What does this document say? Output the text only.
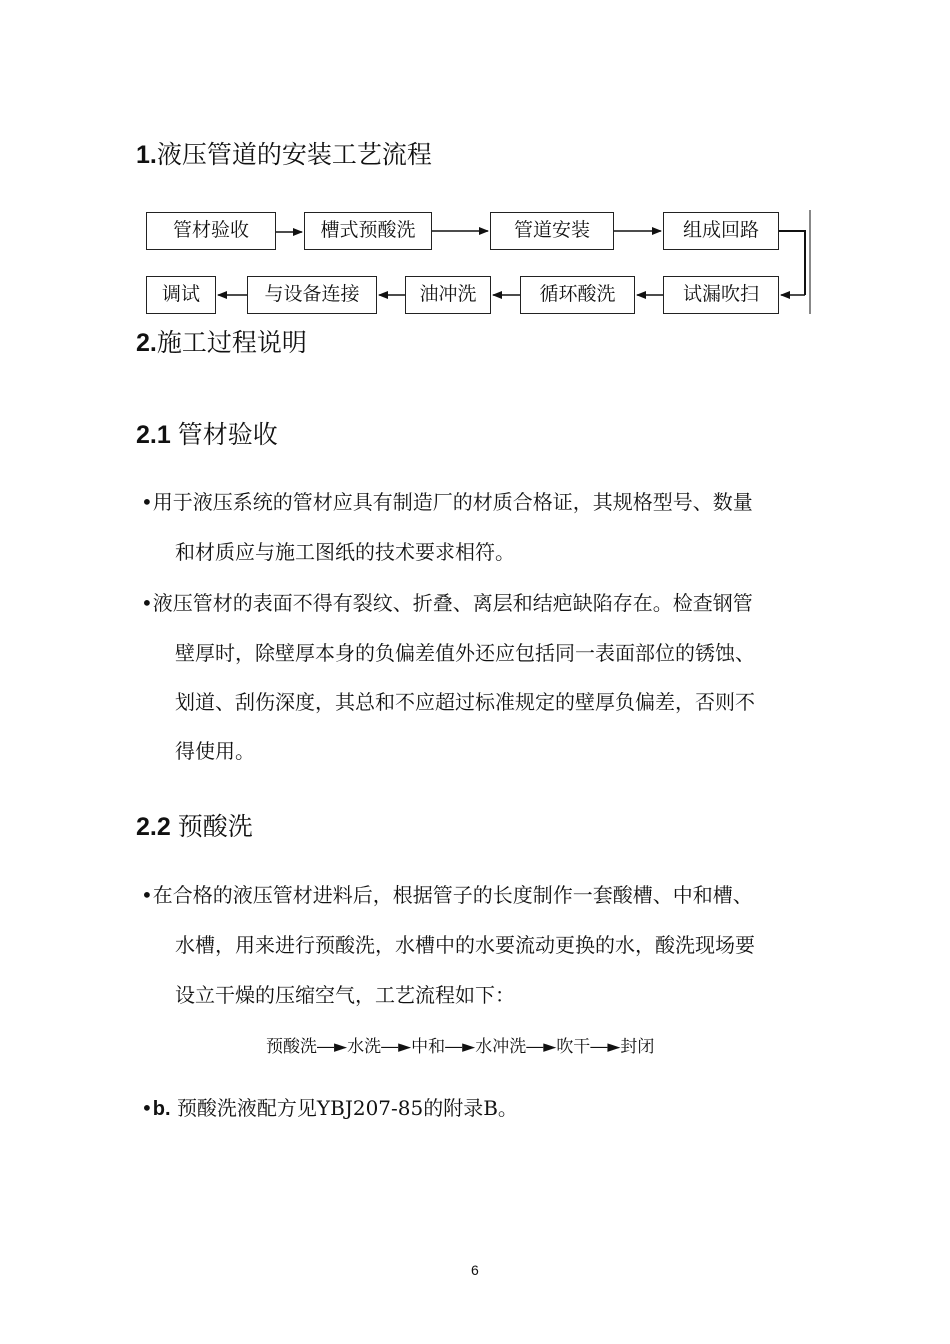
1.液压管道的安装工艺流程
管材验收	槽式预酸洗	管道安装	组成回路
调试	与设备连接	油冲洗	循环酸洗	试漏吹扫
2.施工过程说明
2.1 管材验收
•用于液压系统的管材应具有制造厂的材质合格证，其规格型号、数量
和材质应与施工图纸的技术要求相符。
•液压管材的表面不得有裂纹、折叠、离层和结疤缺陷存在。检查钢管
壁厚时，除壁厚本身的负偏差值外还应包括同一表面部位的锈蚀、
划道、刮伤深度，其总和不应超过标准规定的壁厚负偏差，否则不
得使用。
2.2 预酸洗
•在合格的液压管材进料后，根据管子的长度制作一套酸槽、中和槽、
水槽，用来进行预酸洗，水槽中的水要流动更换的水，酸洗现场要
设立干燥的压缩空气，工艺流程如下：
预酸洗―►水洗―►中和―►水冲洗―►吹干―►封闭
•b. 预酸洗液配方见YBJ207-85的附录B。
6
